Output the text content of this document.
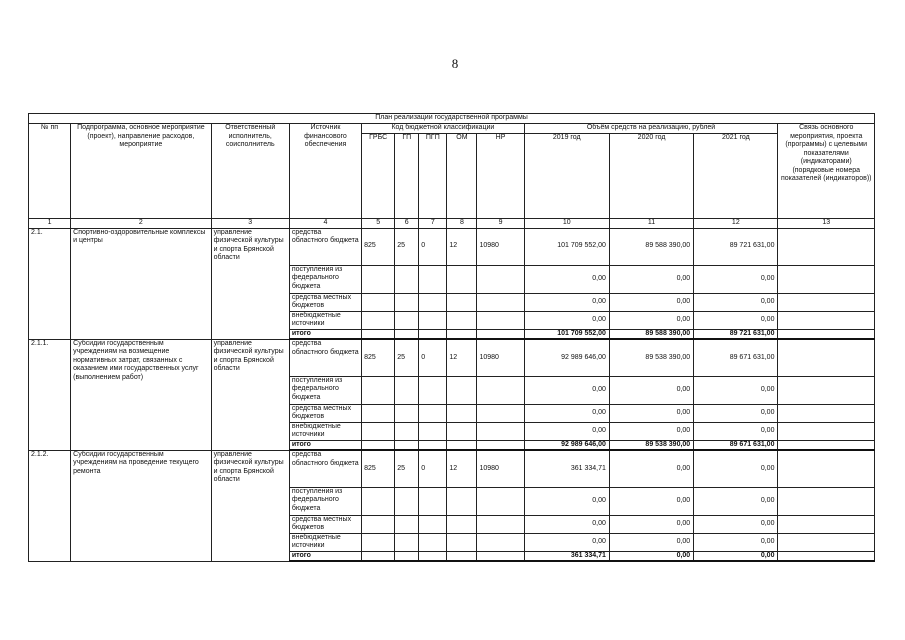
8
План реализации государственной программы												
№ пп	Подпрограмма, основное мероприятие (проект), направление расходов, мероприятие	Ответственный исполнитель, соисполнитель	Источник финансового обеспечения	Код бюджетной классификации					Объём средств на реализацию, рублей			Связь основного мероприятия, проекта (программы) с целевыми показателями (индикаторами) (порядковые номера показателей (индикаторов))
				ГРБС	ГП	ПГП	ОМ	НР	2019 год	2020 год	2021 год	
1	2	3	4	5	6	7	8	9	10	11	12	13
2.1.	Спортивно-оздоровительные комплексы и центры	управление физической культуры и спорта Брянской области	средства областного бюджета	825	25	0	12	10980	101 709 552,00	89 588 390,00	89 721 631,00	
			поступления из федерального бюджета						0,00	0,00	0,00	
			средства местных бюджетов						0,00	0,00	0,00	
			внебюджетные источники						0,00	0,00	0,00	
			итого						101 709 552,00	89 588 390,00	89 721 631,00	
2.1.1.	Субсидии государственным учреждениям на возмещение нормативных затрат, связанных с оказанием ими государственных услуг (выполнением работ)	управление физической культуры и спорта Брянской области	средства областного бюджета	825	25	0	12	10980	92 989 646,00	89 538 390,00	89 671 631,00	
			поступления из федерального бюджета						0,00	0,00	0,00	
			средства местных бюджетов						0,00	0,00	0,00	
			внебюджетные источники						0,00	0,00	0,00	
			итого						92 989 646,00	89 538 390,00	89 671 631,00	
2.1.2.	Субсидии государственным учреждениям на проведение текущего ремонта	управление физической культуры и спорта Брянской области	средства областного бюджета	825	25	0	12	10980	361 334,71	0,00	0,00	
			поступления из федерального бюджета						0,00	0,00	0,00	
			средства местных бюджетов						0,00	0,00	0,00	
			внебюджетные источники						0,00	0,00	0,00	
			итого						361 334,71	0,00	0,00	
